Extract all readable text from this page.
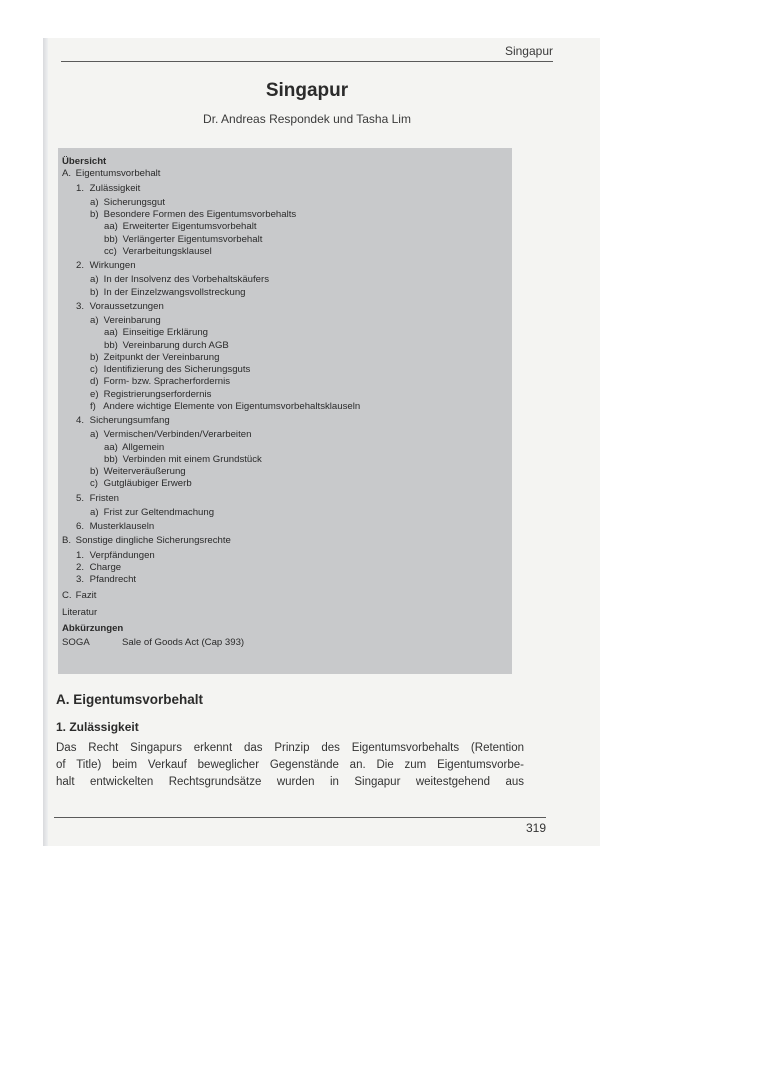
Singapur
Singapur
Dr. Andreas Respondek und Tasha Lim
Übersicht
A. Eigentumsvorbehalt
1. Zulässigkeit
a) Sicherungsgut
b) Besondere Formen des Eigentumsvorbehalts
aa) Erweiterter Eigentumsvorbehalt
bb) Verlängerter Eigentumsvorbehalt
cc) Verarbeitungsklausel
2. Wirkungen
a) In der Insolvenz des Vorbehaltskäufers
b) In der Einzelzwangsvollstreckung
3. Voraussetzungen
a) Vereinbarung
aa) Einseitige Erklärung
bb) Vereinbarung durch AGB
b) Zeitpunkt der Vereinbarung
c) Identifizierung des Sicherungsguts
d) Form- bzw. Spracherfordernis
e) Registrierungserfordernis
f) Andere wichtige Elemente von Eigentumsvorbehaltsklauseln
4. Sicherungsumfang
a) Vermischen/Verbinden/Verarbeiten
aa) Allgemein
bb) Verbinden mit einem Grundstück
b) Weiterveräußerung
c) Gutgläubiger Erwerb
5. Fristen
a) Frist zur Geltendmachung
6. Musterklauseln
B. Sonstige dingliche Sicherungsrechte
1. Verpfändungen
2. Charge
3. Pfandrecht
C. Fazit
Literatur
Abkürzungen
SOGA	Sale of Goods Act (Cap 393)
A. Eigentumsvorbehalt
1. Zulässigkeit
Das Recht Singapurs erkennt das Prinzip des Eigentumsvorbehalts (Retention
of Title) beim Verkauf beweglicher Gegenstände an. Die zum Eigentumsvorbe-
halt entwickelten Rechtsgrundsätze wurden in Singapur weitestgehend aus
319
